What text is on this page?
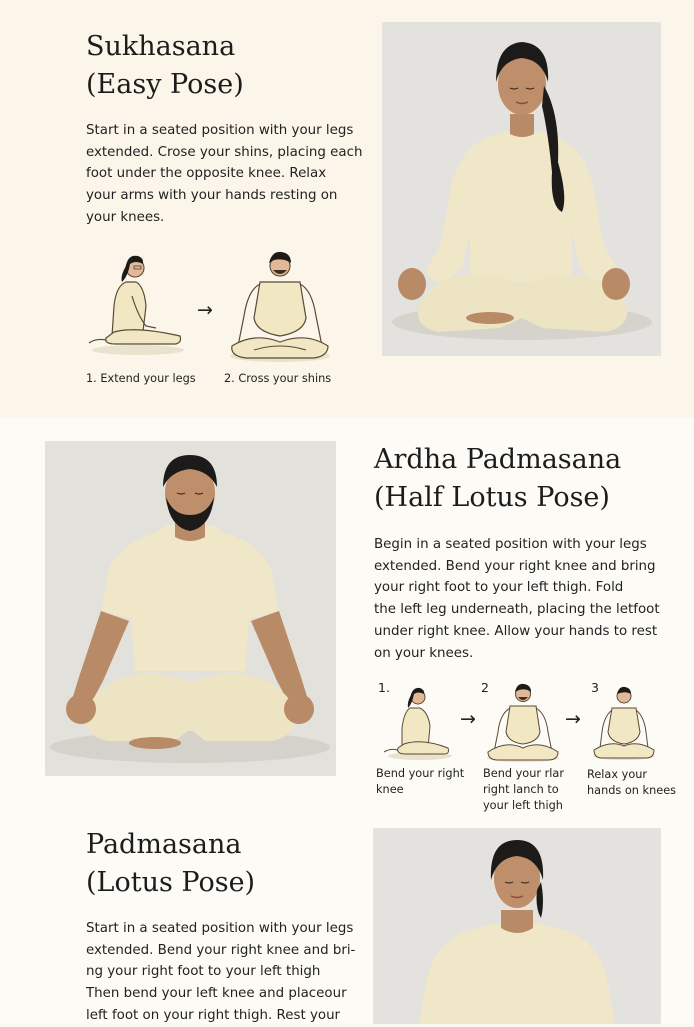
Sukhasana
(Easy Pose)
Start in a seated position with your legs
extended. Crose your shins, placing each
foot under the opposite knee. Relax
your arms with your hands resting on
your knees.
→
1. Extend your legs	2. Cross your shins
Ardha Padmasana
(Half Lotus Pose)
Begin in a seated position with your legs
extended. Bend your right knee and bring
your right foot to your left thigh. Fold
the left leg underneath, placing the letfoot
under right knee. Allow your hands to rest
on your knees.
1.	2	3
→	→
Bend your right
knee
Bend your rlar
right lanch to
your left thigh
Relax your
hands on knees
Padmasana
(Lotus Pose)
Start in a seated position with your legs
extended. Bend your right knee and bri-
ng your right foot to your left thigh
Then bend your left knee and placeour
left foot on your right thigh. Rest your
